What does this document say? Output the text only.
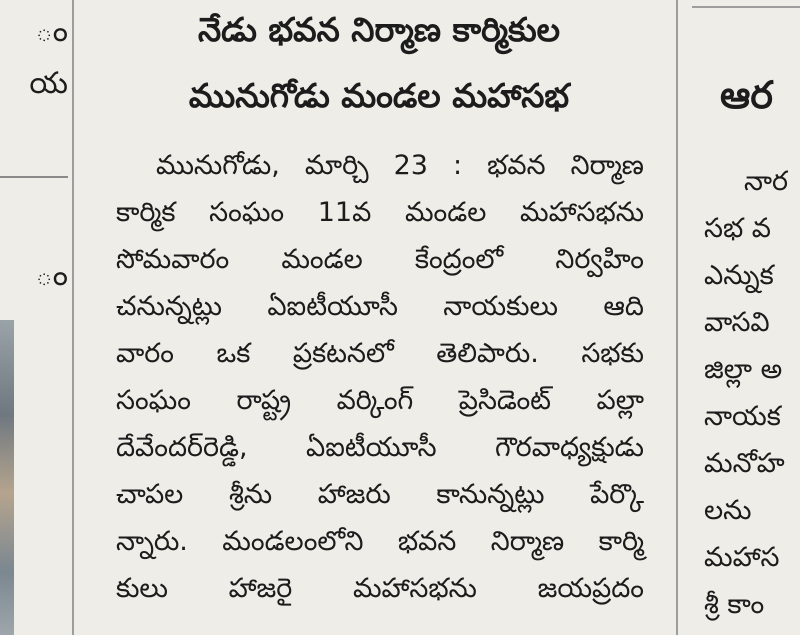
ం
య
ం
నేడు భవన నిర్మాణ కార్మికుల
మునుగోడు మండల మహాసభ
మునుగోడు, మార్చి 23 : భవన నిర్మాణ
కార్మిక సంఘం 11వ మండల మహాసభను
సోమవారం మండల కేంద్రంలో నిర్వహిం
చనున్నట్లు ఏఐటీయూసీ నాయకులు ఆది
వారం ఒక ప్రకటనలో తెలిపారు. సభకు
సంఘం రాష్ట్ర వర్కింగ్ ప్రెసిడెంట్ పల్లా
దేవేందర్‌రెడ్డి, ఏఐటీయూసీ గౌరవాధ్యక్షుడు
చాపల శ్రీను హాజరు కానున్నట్లు పేర్కొ
న్నారు. మండలంలోని భవన నిర్మాణ కార్మి
కులు హాజరై మహాసభను జయప్రదం
ఆర
నార
సభ వ
ఎన్నుక
వాసవి
జిల్లా అ
నాయక
మనోహ
లను
మహాస
శ్రీ కాం
